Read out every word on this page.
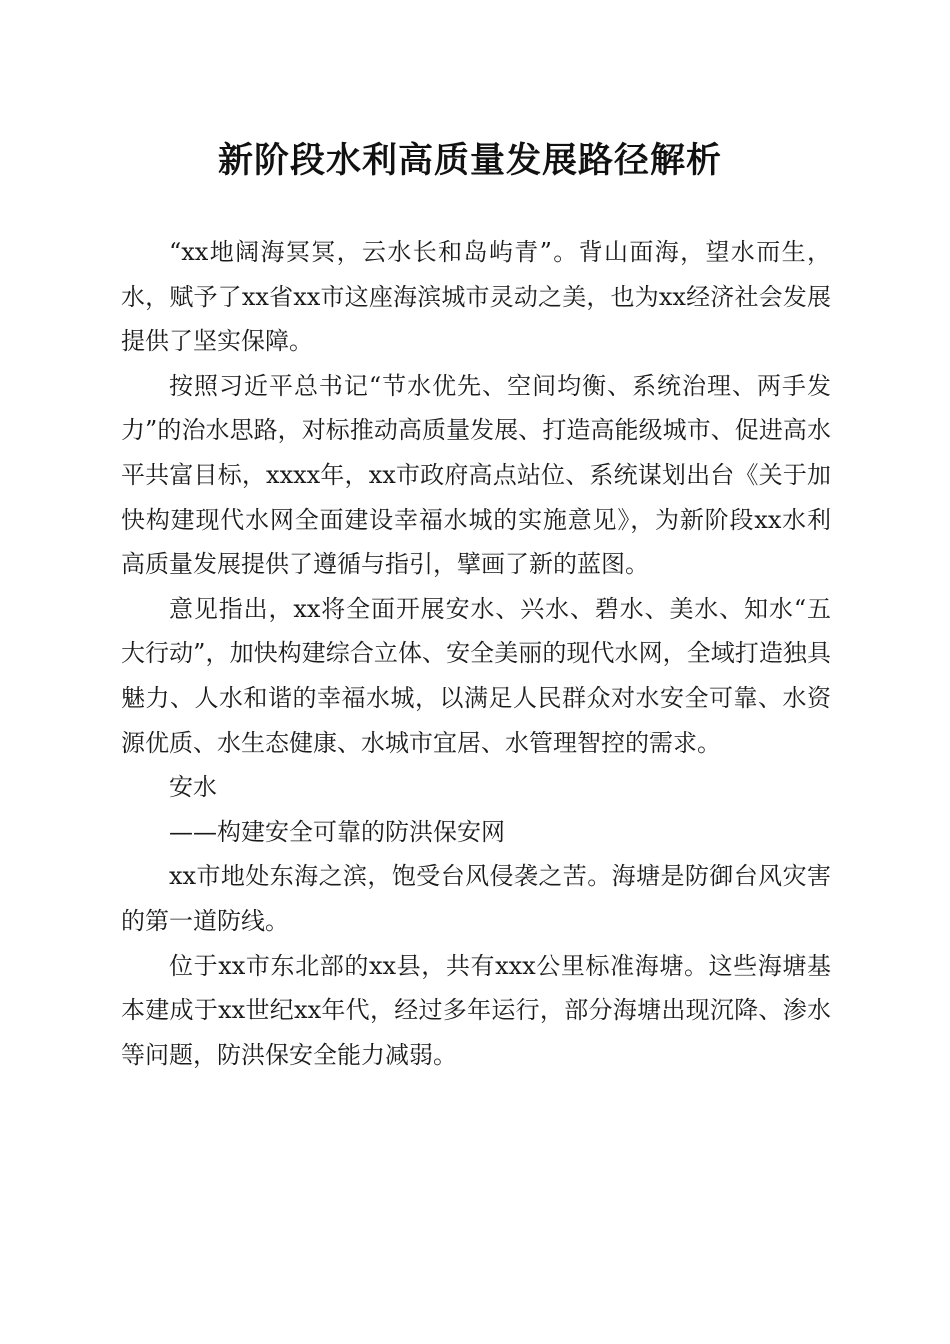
新阶段水利高质量发展路径解析

“xx地阔海冥冥，云水长和岛屿青”。背山面海，望水而生，水，赋予了xx省xx市这座海滨城市灵动之美，也为xx经济社会发展提供了坚实保障。

按照习近平总书记“节水优先、空间均衡、系统治理、两手发力”的治水思路，对标推动高质量发展、打造高能级城市、促进高水平共富目标，xxxx年，xx市政府高点站位、系统谋划出台《关于加快构建现代水网全面建设幸福水城的实施意见》，为新阶段xx水利高质量发展提供了遵循与指引，擘画了新的蓝图。

意见指出，xx将全面开展安水、兴水、碧水、美水、知水“五大行动”，加快构建综合立体、安全美丽的现代水网，全域打造独具魅力、人水和谐的幸福水城，以满足人民群众对水安全可靠、水资源优质、水生态健康、水城市宜居、水管理智控的需求。

安水

——构建安全可靠的防洪保安网

xx市地处东海之滨，饱受台风侵袭之苦。海塘是防御台风灾害的第一道防线。

位于xx市东北部的xx县，共有xxx公里标准海塘。这些海塘基本建成于xx世纪xx年代，经过多年运行，部分海塘出现沉降、渗水等问题，防洪保安全能力减弱。
